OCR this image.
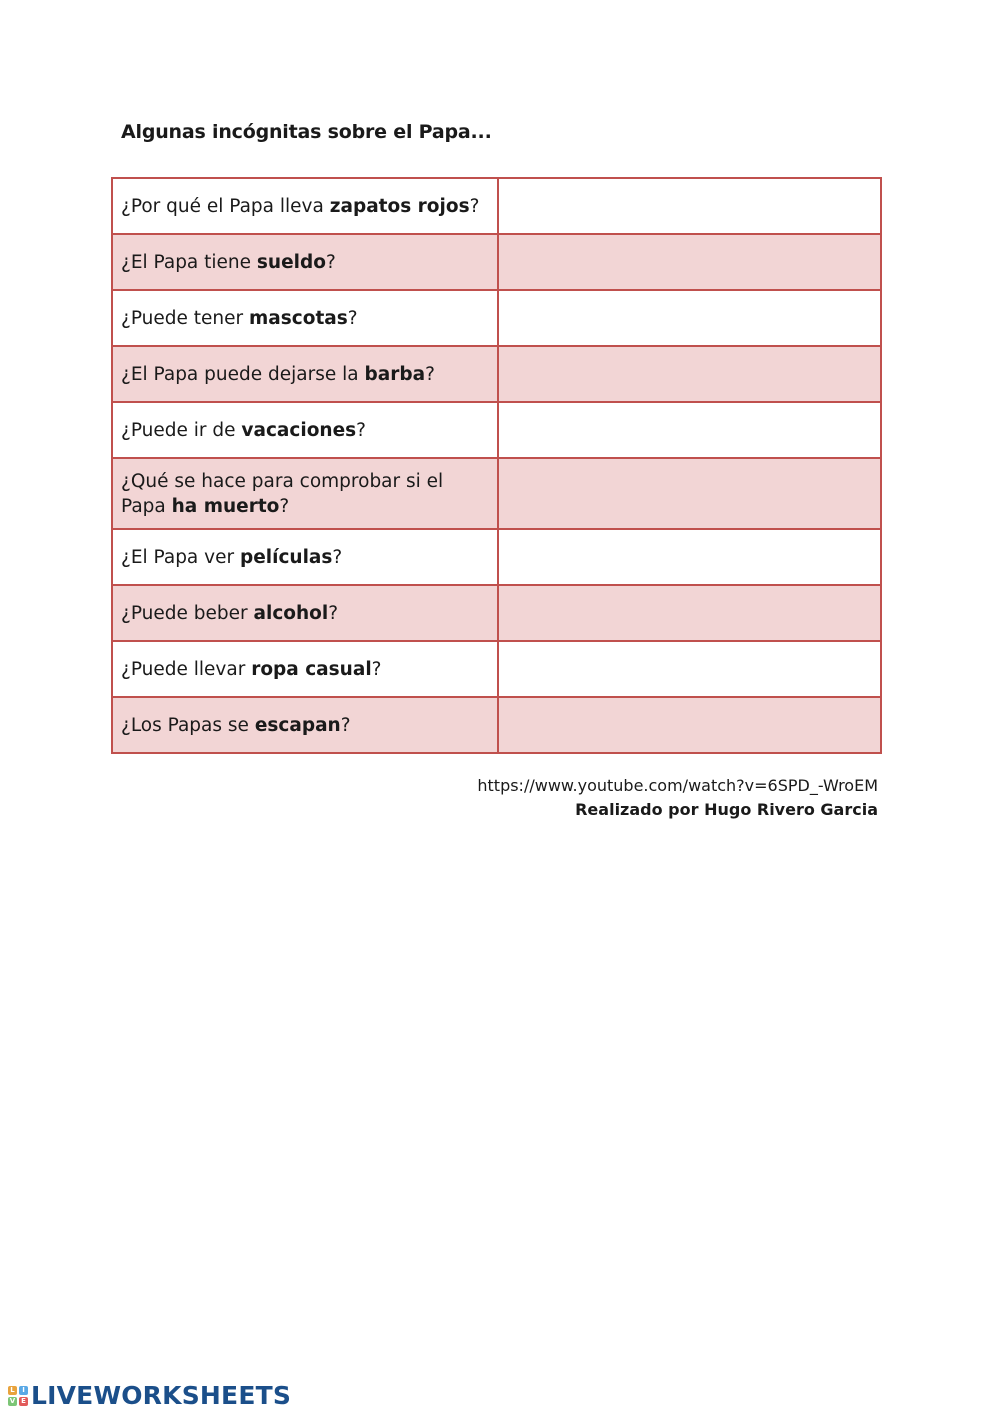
Algunas incógnitas sobre el Papa...
¿Por qué el Papa lleva zapatos rojos?	
¿El Papa tiene sueldo?	
¿Puede tener mascotas?	
¿El Papa puede dejarse la barba?	
¿Puede ir de vacaciones?	
¿Qué se hace para comprobar si el Papa ha muerto?	
¿El Papa ver películas?	
¿Puede beber alcohol?	
¿Puede llevar ropa casual?	
¿Los Papas se escapan?	
https://www.youtube.com/watch?v=6SPD_-WroEM
Realizado por Hugo Rivero Garcia
L	I
V E LIVEWORKSHEETS
